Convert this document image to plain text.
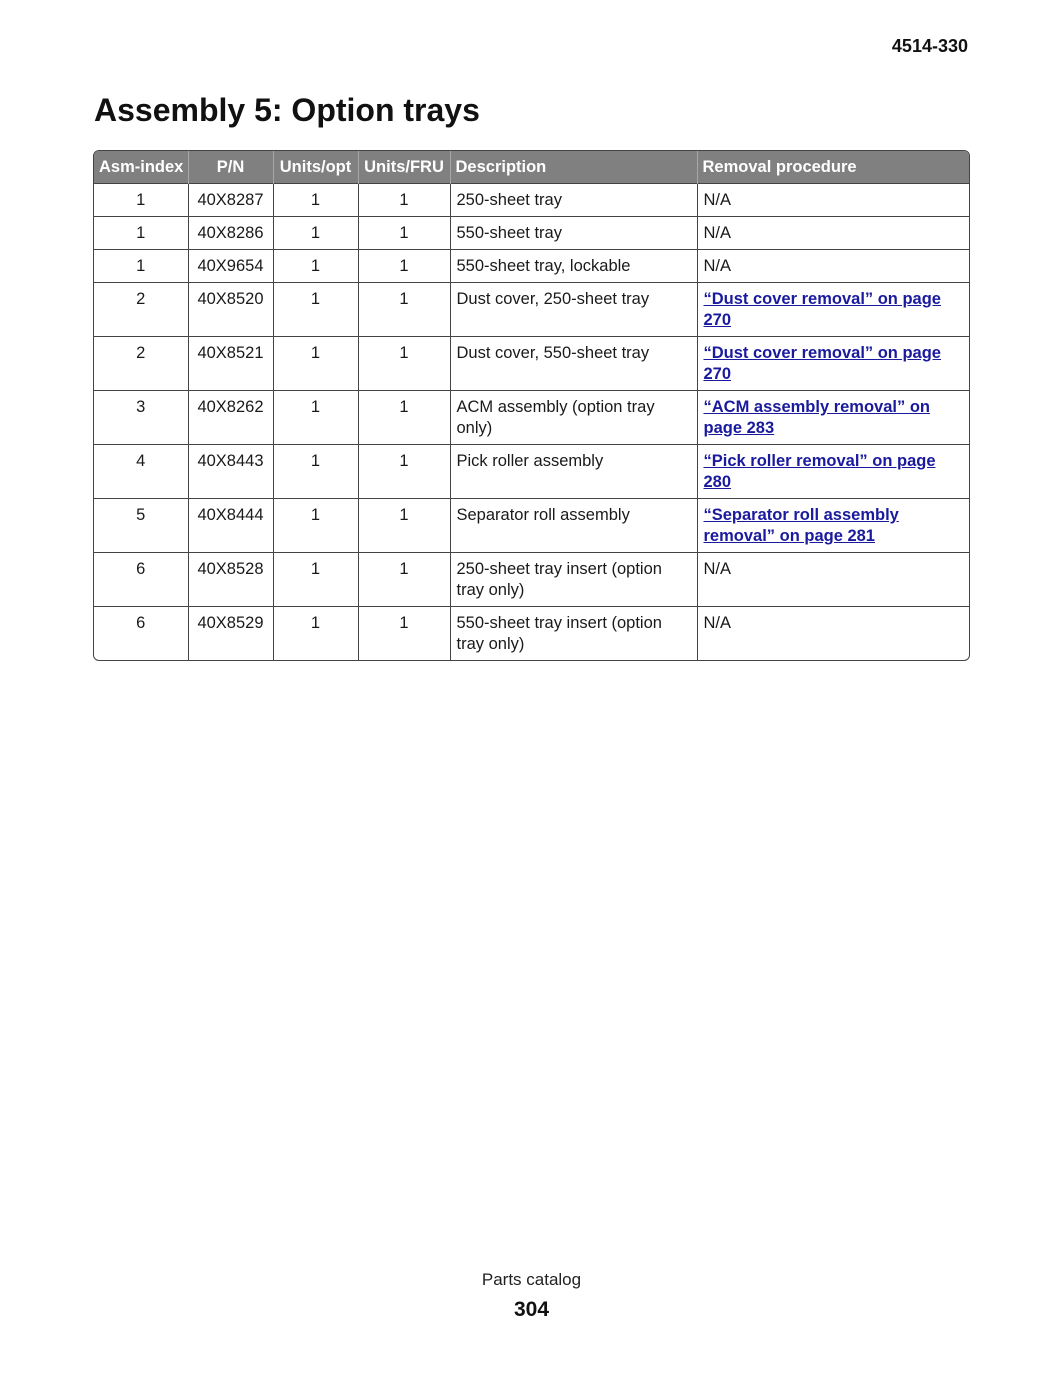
4514-330
Assembly 5: Option trays
Asm-index	P/N	Units/opt	Units/FRU	Description	Removal procedure
1	40X8287	1	1	250-sheet tray	N/A
1	40X8286	1	1	550-sheet tray	N/A
1	40X9654	1	1	550-sheet tray, lockable	N/A
2	40X8520	1	1	Dust cover, 250-sheet tray	“Dust cover removal” on page 270
2	40X8521	1	1	Dust cover, 550-sheet tray	“Dust cover removal” on page 270
3	40X8262	1	1	ACM assembly (option tray only)	“ACM assembly removal” on page 283
4	40X8443	1	1	Pick roller assembly	“Pick roller removal” on page 280
5	40X8444	1	1	Separator roll assembly	“Separator roll assembly removal” on page 281
6	40X8528	1	1	250-sheet tray insert (option tray only)	N/A
6	40X8529	1	1	550-sheet tray insert (option tray only)	N/A
Parts catalog
304
